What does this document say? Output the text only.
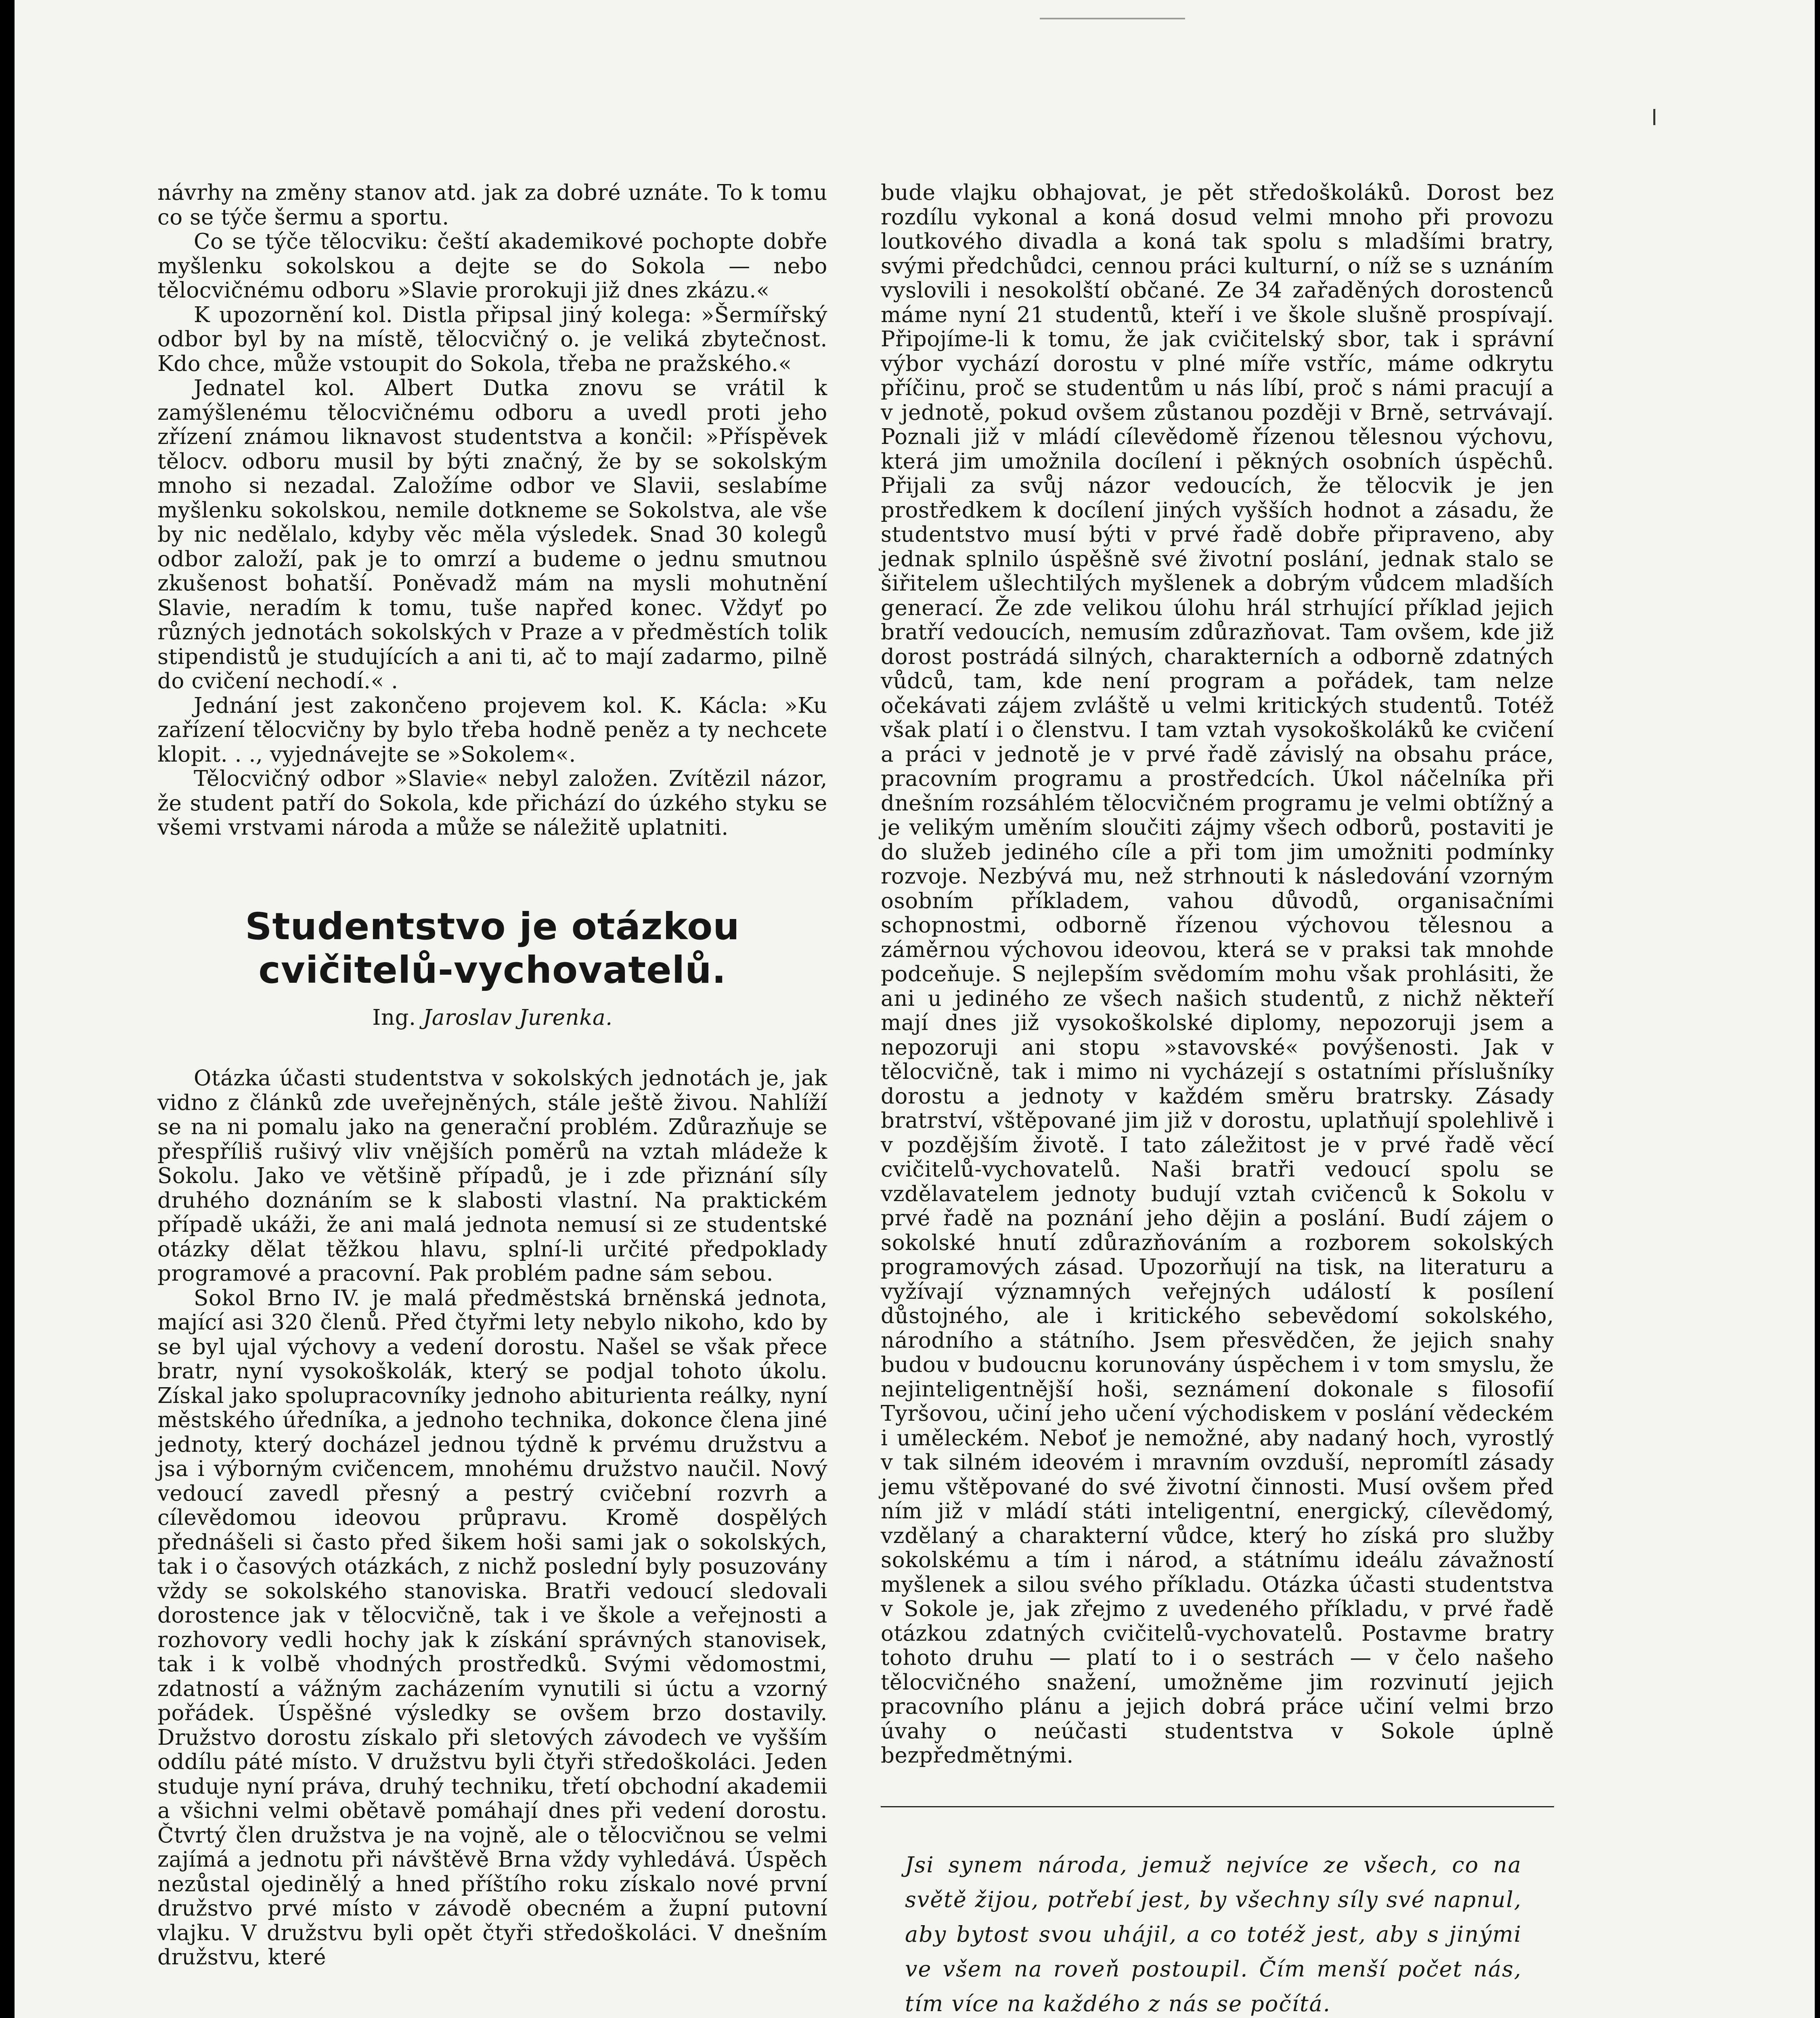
návrhy na změny stanov atd. jak za dobré uznáte. To k tomu co se týče šermu a sportu.

Co se týče tělocviku: čeští akademikové pochopte dobře myšlenku sokolskou a dejte se do Sokola — nebo tělocvičnému odboru »Slavie prorokuji již dnes zkázu.«

K upozornění kol. Distla připsal jiný kolega: »Šermířský odbor byl by na místě, tělocvičný o. je veliká zbytečnost. Kdo chce, může vstoupit do Sokola, třeba ne pražského.«

Jednatel kol. Albert Dutka znovu se vrátil k zamýšlenému tělocvičnému odboru a uvedl proti jeho zřízení známou liknavost studentstva a končil: »Příspěvek tělocv. odboru musil by býti značný, že by se sokolským mnoho si nezadal. Založíme odbor ve Slavii, seslabíme myšlenku sokolskou, nemile dotkneme se Sokolstva, ale vše by nic nedělalo, kdyby věc měla výsledek. Snad 30 kolegů odbor založí, pak je to omrzí a budeme o jednu smutnou zkušenost bohatší. Poněvadž mám na mysli mohutnění Slavie, neradím k tomu, tuše napřed konec. Vždyť po různých jednotách sokolských v Praze a v předměstích tolik stipendistů je studujících a ani ti, ač to mají zadarmo, pilně do cvičení nechodí.« .

Jednání jest zakončeno projevem kol. K. Kácla: »Ku zařízení tělocvičny by bylo třeba hodně peněz a ty nechcete klopit. . ., vyjednávejte se »Sokolem«.

Tělocvičný odbor »Slavie« nebyl založen. Zvítězil názor, že student patří do Sokola, kde přichází do úzkého styku se všemi vrstvami národa a může se náležitě uplatniti.

Studentstvo je otázkou cvičitelů-vychovatelů.
Ing. Jaroslav Jurenka.

Otázka účasti studentstva v sokolských jednotách je, jak vidno z článků zde uveřejněných, stále ještě živou. Nahlíží se na ni pomalu jako na generační problém. Zdůrazňuje se přespříliš rušivý vliv vnějších poměrů na vztah mládeže k Sokolu. Jako ve většině případů, je i zde přiznání síly druhého doznáním se k slabosti vlastní. Na praktickém případě ukáži, že ani malá jednota nemusí si ze studentské otázky dělat těžkou hlavu, splní-li určité předpoklady programové a pracovní. Pak problém padne sám sebou.

Sokol Brno IV. je malá předměstská brněnská jednota, mající asi 320 členů. Před čtyřmi lety nebylo nikoho, kdo by se byl ujal výchovy a vedení dorostu. Našel se však přece bratr, nyní vysokoškolák, který se podjal tohoto úkolu. Získal jako spolupracovníky jednoho abiturienta reálky, nyní městského úředníka, a jednoho technika, dokonce člena jiné jednoty, který docházel jednou týdně k prvému družstvu a jsa i výborným cvičencem, mnohému družstvo naučil. Nový vedoucí zavedl přesný a pestrý cvičební rozvrh a cílevědomou ideovou průpravu. Kromě dospělých přednášeli si často před šikem hoši sami jak o sokolských, tak i o časových otázkách, z nichž poslední byly posuzovány vždy se sokolského stanoviska. Bratři vedoucí sledovali dorostence jak v tělocvičně, tak i ve škole a veřejnosti a rozhovory vedli hochy jak k získání správných stanovisek, tak i k volbě vhodných prostředků. Svými vědomostmi, zdatností a vážným zacházením vynutili si úctu a vzorný pořádek. Úspěšné výsledky se ovšem brzo dostavily. Družstvo dorostu získalo při sletových závodech ve vyšším oddílu páté místo. V družstvu byli čtyři středoškoláci. Jeden studuje nyní práva, druhý techniku, třetí obchodní akademii a všichni velmi obětavě pomáhají dnes při vedení dorostu. Čtvrtý člen družstva je na vojně, ale o tělocvičnou se velmi zajímá a jednotu při návštěvě Brna vždy vyhledává. Úspěch nezůstal ojedinělý a hned příštího roku získalo nové první družstvo prvé místo v závodě obecném a župní putovní vlajku. V družstvu byli opět čtyři středoškoláci. V dnešním družstvu, které

bude vlajku obhajovat, je pět středoškoláků. Dorost bez rozdílu vykonal a koná dosud velmi mnoho při provozu loutkového divadla a koná tak spolu s mladšími bratry, svými předchůdci, cennou práci kulturní, o níž se s uznáním vyslovili i nesokolští občané. Ze 34 zařaděných dorostenců máme nyní 21 studentů, kteří i ve škole slušně prospívají. Připojíme-li k tomu, že jak cvičitelský sbor, tak i správní výbor vychází dorostu v plné míře vstříc, máme odkrytu příčinu, proč se studentům u nás líbí, proč s námi pracují a v jednotě, pokud ovšem zůstanou později v Brně, setrvávají. Poznali již v mládí cílevědomě řízenou tělesnou výchovu, která jim umožnila docílení i pěkných osobních úspěchů. Přijali za svůj názor vedoucích, že tělocvik je jen prostředkem k docílení jiných vyšších hodnot a zásadu, že studentstvo musí býti v prvé řadě dobře připraveno, aby jednak splnilo úspěšně své životní poslání, jednak stalo se šiřitelem ušlechtilých myšlenek a dobrým vůdcem mladších generací. Že zde velikou úlohu hrál strhující příklad jejich bratří vedoucích, nemusím zdůrazňovat. Tam ovšem, kde již dorost postrádá silných, charakterních a odborně zdatných vůdců, tam, kde není program a pořádek, tam nelze očekávati zájem zvláště u velmi kritických studentů. Totéž však platí i o členstvu. I tam vztah vysokoškoláků ke cvičení a práci v jednotě je v prvé řadě závislý na obsahu práce, pracovním programu a prostředcích. Úkol náčelníka při dnešním rozsáhlém tělocvičném programu je velmi obtížný a je velikým uměním sloučiti zájmy všech odborů, postaviti je do služeb jediného cíle a při tom jim umožniti podmínky rozvoje. Nezbývá mu, než strhnouti k následování vzorným osobním příkladem, vahou důvodů, organisačními schopnostmi, odborně řízenou výchovou tělesnou a záměrnou výchovou ideovou, která se v praksi tak mnohde podceňuje. S nejlepším svědomím mohu však prohlásiti, že ani u jediného ze všech našich studentů, z nichž někteří mají dnes již vysokoškolské diplomy, nepozoruji jsem a nepozoruji ani stopu »stavovské« povýšenosti. Jak v tělocvičně, tak i mimo ni vycházejí s ostatními příslušníky dorostu a jednoty v každém směru bratrsky. Zásady bratrství, vštěpované jim již v dorostu, uplatňují spolehlivě i v pozdějším životě. I tato záležitost je v prvé řadě věcí cvičitelů-vychovatelů. Naši bratři vedoucí spolu se vzdělavatelem jednoty budují vztah cvičenců k Sokolu v prvé řadě na poznání jeho dějin a poslání. Budí zájem o sokolské hnutí zdůrazňováním a rozborem sokolských programových zásad. Upozorňují na tisk, na literaturu a vyžívají významných veřejných událostí k posílení důstojného, ale i kritického sebevědomí sokolského, národního a státního. Jsem přesvědčen, že jejich snahy budou v budoucnu korunovány úspěchem i v tom smyslu, že nejinteligentnější hoši, seznámení dokonale s filosofií Tyršovou, učiní jeho učení východiskem v poslání vědeckém i uměleckém. Neboť je nemožné, aby nadaný hoch, vyrostlý v tak silném ideovém i mravním ovzduší, nepromítl zásady jemu vštěpované do své životní činnosti. Musí ovšem před ním již v mládí státi inteligentní, energický, cílevědomý, vzdělaný a charakterní vůdce, který ho získá pro služby sokolskému a tím i národ, a státnímu ideálu závažností myšlenek a silou svého příkladu. Otázka účasti studentstva v Sokole je, jak zřejmo z uvedeného příkladu, v prvé řadě otázkou zdatných cvičitelů-vychovatelů. Postavme bratry tohoto druhu — platí to i o sestrách — v čelo našeho tělocvičného snažení, umožněme jim rozvinutí jejich pracovního plánu a jejich dobrá práce učiní velmi brzo úvahy o neúčasti studentstva v Sokole úplně bezpředmětnými.

Jsi synem národa, jemuž nejvíce ze všech, co na světě žijou, potřebí jest, by všechny síly své napnul, aby bytost svou uhájil, a co totéž jest, aby s jinými ve všem na roveň postoupil. Čím menší počet nás, tím více na každého z nás se počítá.
